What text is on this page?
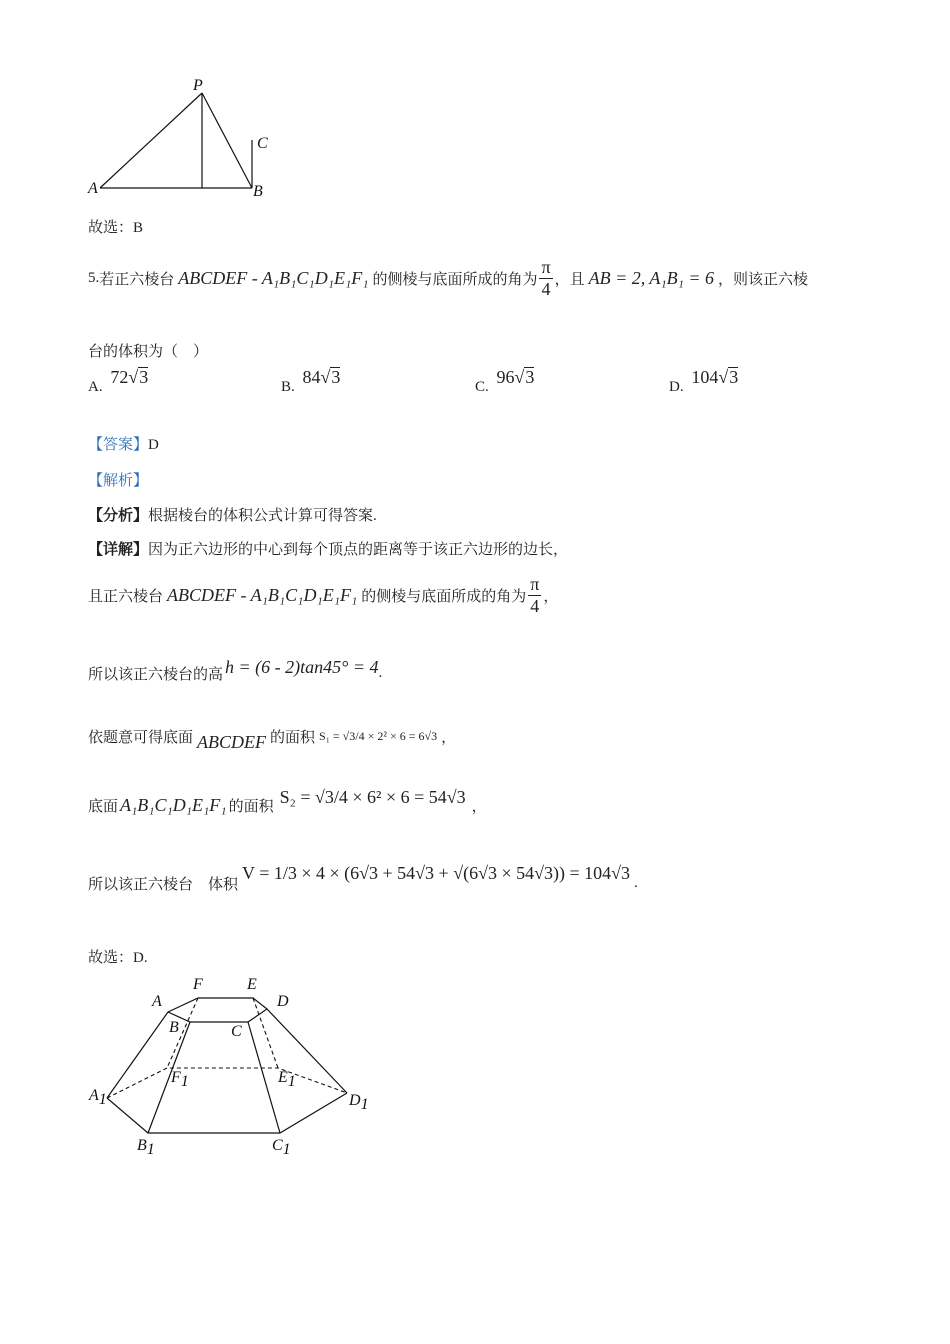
P
C
A	B
故选：B
5. 若正六棱台 ABCDEF - A₁B₁C₁D₁E₁F₁ 的侧棱与底面所成的角为 $\frac{\pi}{4}$ ，且 AB = 2, A₁B₁ = 6 ，则该正六棱
台的体积为（　）
A. 72√3	B. 84√3	C. 96√3	D. 104√3
【答案】D
【解析】
【分析】根据棱台的体积公式计算可得答案.
【详解】因为正六边形的中心到每个顶点的距离等于该正六边形的边长，
且正六棱台 ABCDEF - A₁B₁C₁D₁E₁F₁ 的侧棱与底面所成的角为 $\frac{\pi}{4}$ ，
所以该正六棱台的高 h = (6 - 2)tan45° = 4 .
依题意可得底面 ABCDEF 的面积 S₁ = √3/4 × 2² × 6 = 6√3 ，
底面 A₁B₁C₁D₁E₁F₁ 的面积 S₂ = √3/4 × 6² × 6 = 54√3 ，
所以该正六棱台　体积
V = 1/3 × 4 × (6√3 + 54√3 + √(6√3 × 54√3)) = 104√3 .
故选：D.
A
F	E
D
B	C
A1
F1	E1
D1
B1	C1
